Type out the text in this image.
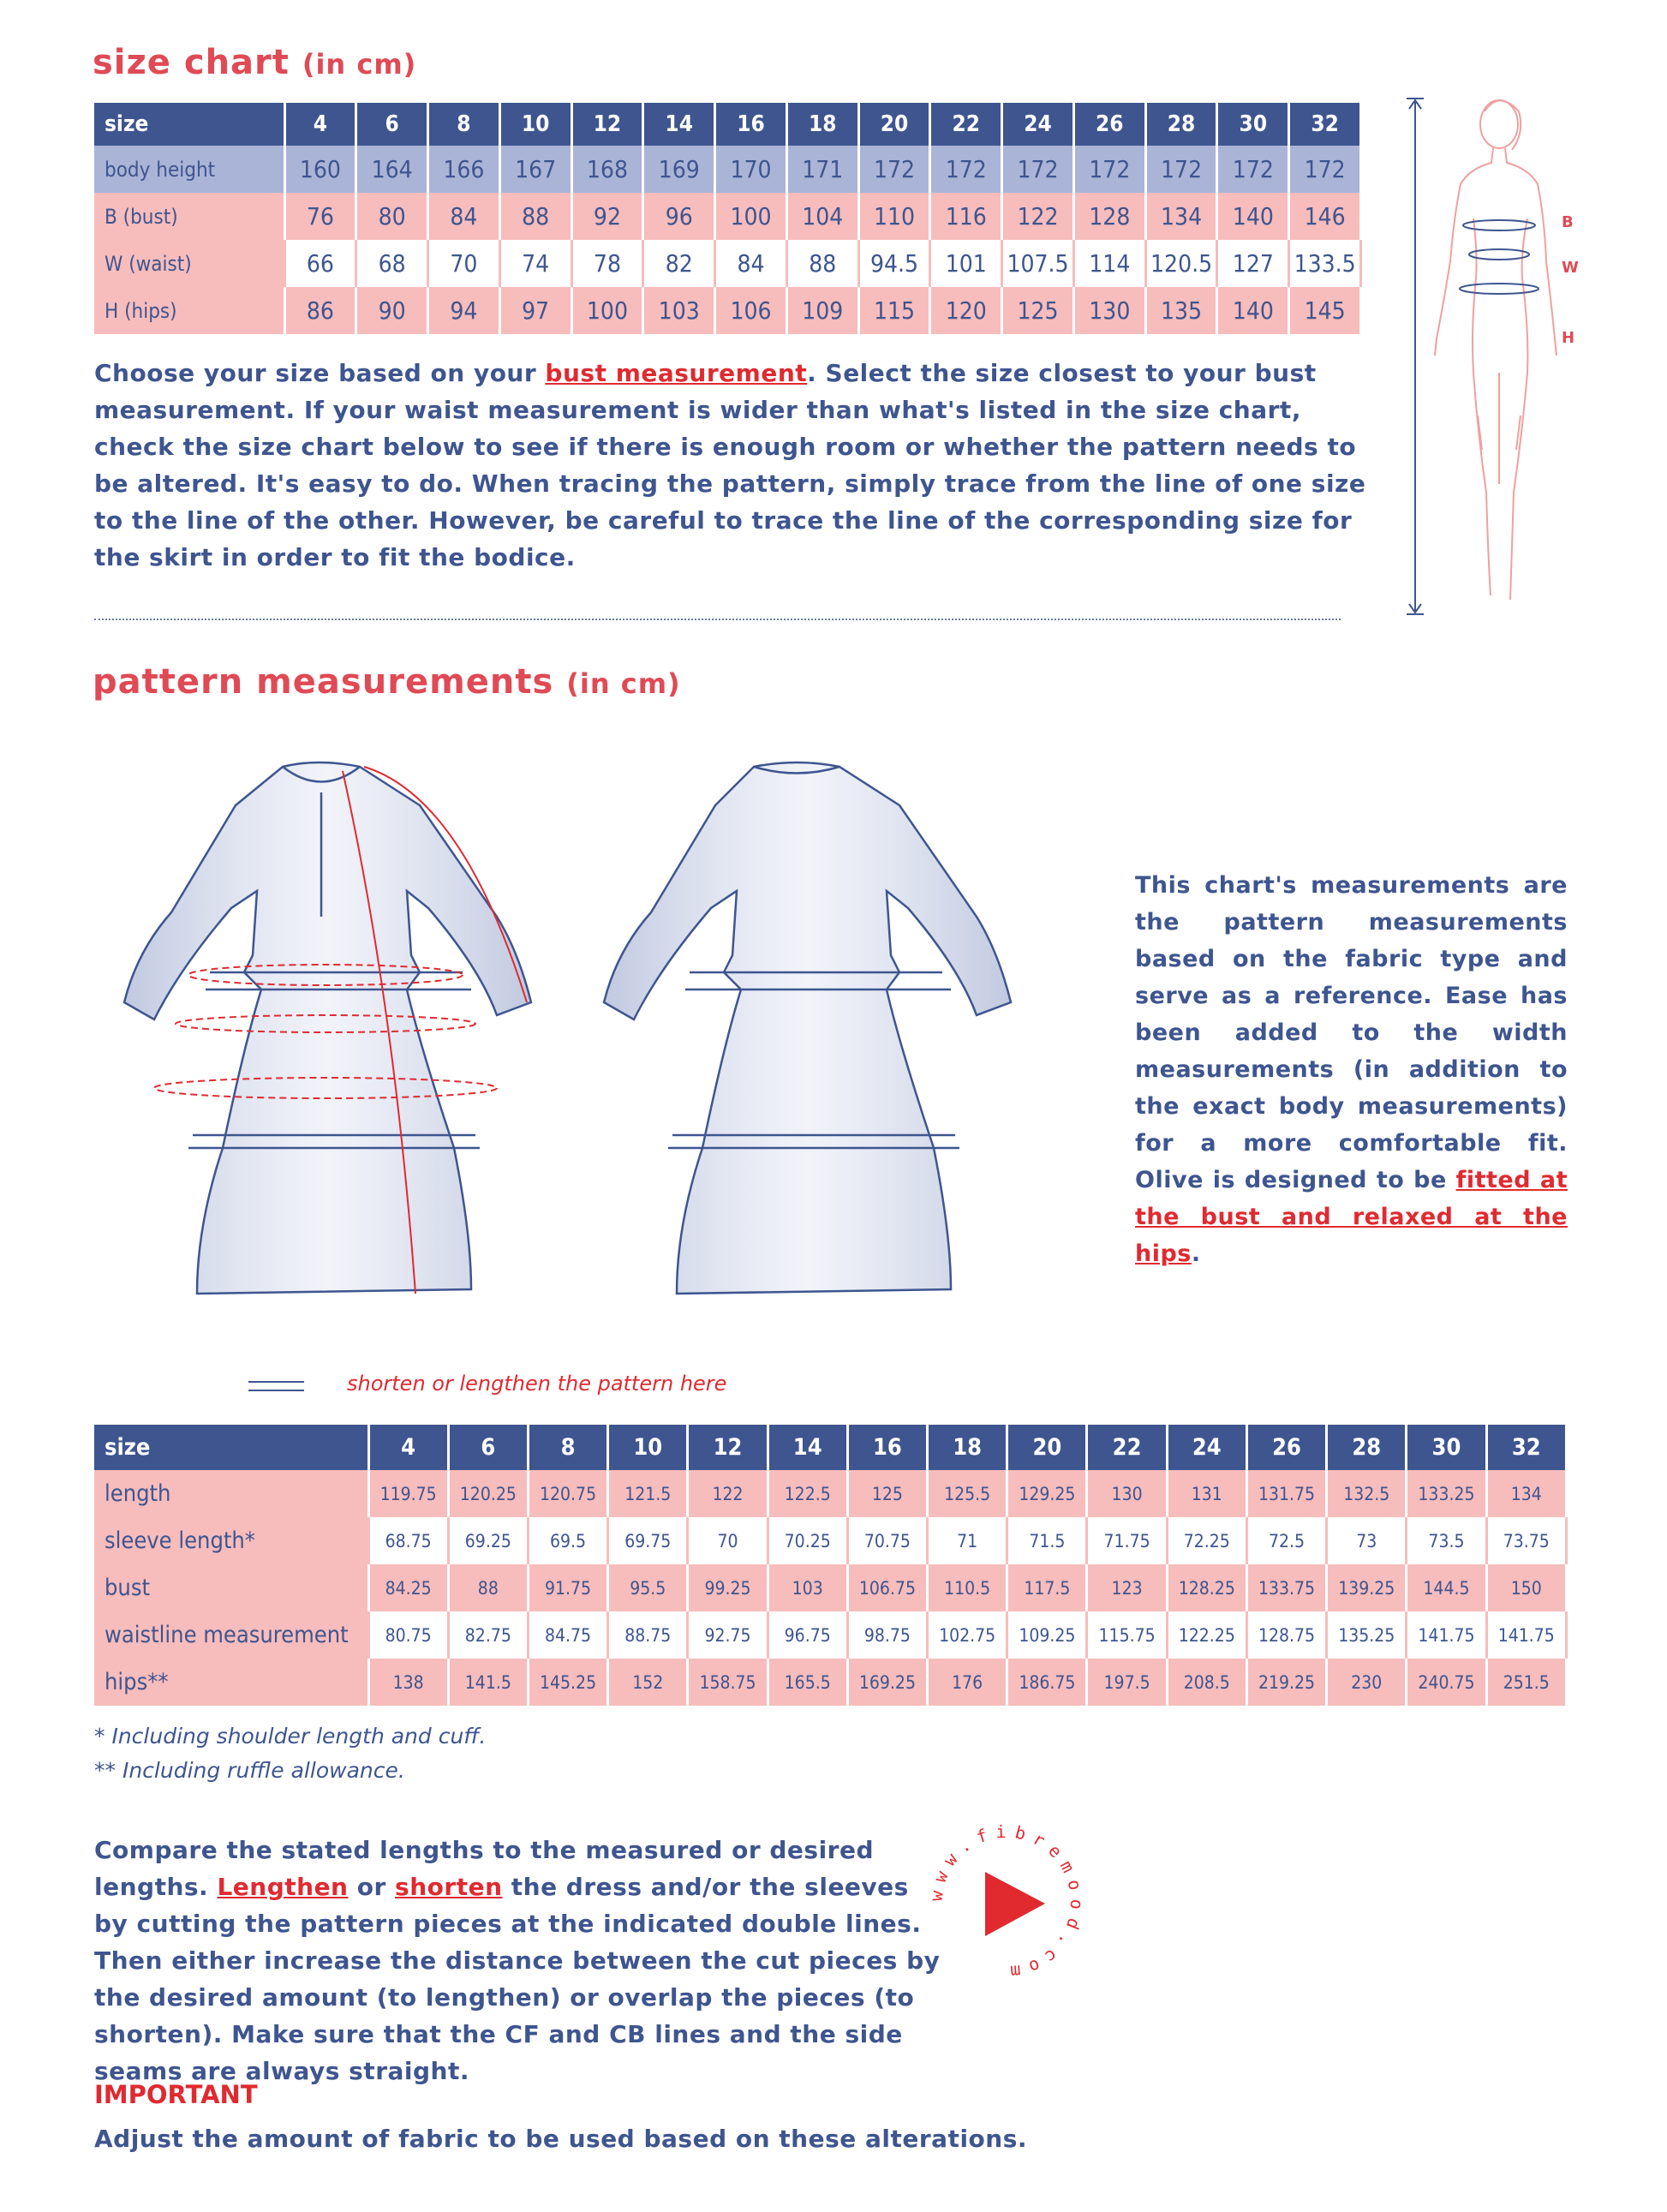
size chart (in cm)
size	4	6	8	10	12	14	16	18	20	22	24	26	28	30	32
body height	160	164	166	167	168	169	170	171	172	172	172	172	172	172	172
B (bust)	76	80	84	88	92	96	100	104	110	116	122	128	134	140	146
W (waist)	66	68	70	74	78	82	84	88	94.5	101	107.5	114	120.5	127	133.5
H (hips)	86	90	94	97	100	103	106	109	115	120	125	130	135	140	145
Choose your size based on your bust measurement. Select the size closest to your bust measurement. If your waist measurement is wider than what's listed in the size chart, check the size chart below to see if there is enough room or whether the pattern needs to be altered. It's easy to do. When tracing the pattern, simply trace from the line of one size to the line of the other. However, be careful to trace the line of the corresponding size for the skirt in order to fit the bodice.
B
W
H
pattern measurements (in cm)
This chart's measurements are the pattern measurements based on the fabric type and serve as a reference. Ease has been added to the width measurements (in addition to the exact body measurements) for a more comfortable fit. Olive is designed to be fitted at the bust and relaxed at the hips.
shorten or lengthen the pattern here
size	4	6	8	10	12	14	16	18	20	22	24	26	28	30	32
length	119.75	120.25	120.75	121.5	122	122.5	125	125.5	129.25	130	131	131.75	132.5	133.25	134
sleeve length*	68.75	69.25	69.5	69.75	70	70.25	70.75	71	71.5	71.75	72.25	72.5	73	73.5	73.75
bust	84.25	88	91.75	95.5	99.25	103	106.75	110.5	117.5	123	128.25	133.75	139.25	144.5	150
waistline measurement	80.75	82.75	84.75	88.75	92.75	96.75	98.75	102.75	109.25	115.75	122.25	128.75	135.25	141.75	141.75
hips**	138	141.5	145.25	152	158.75	165.5	169.25	176	186.75	197.5	208.5	219.25	230	240.75	251.5
* Including shoulder length and cuff.
** Including ruffle allowance.
Compare the stated lengths to the measured or desired lengths. Lengthen or shorten the dress and/or the sleeves by cutting the pattern pieces at the indicated double lines. Then either increase the distance between the cut pieces by the desired amount (to lengthen) or overlap the pieces (to shorten). Make sure that the CF and CB lines and the side seams are always straight.
www.fibremood.com
IMPORTANT
Adjust the amount of fabric to be used based on these alterations.
